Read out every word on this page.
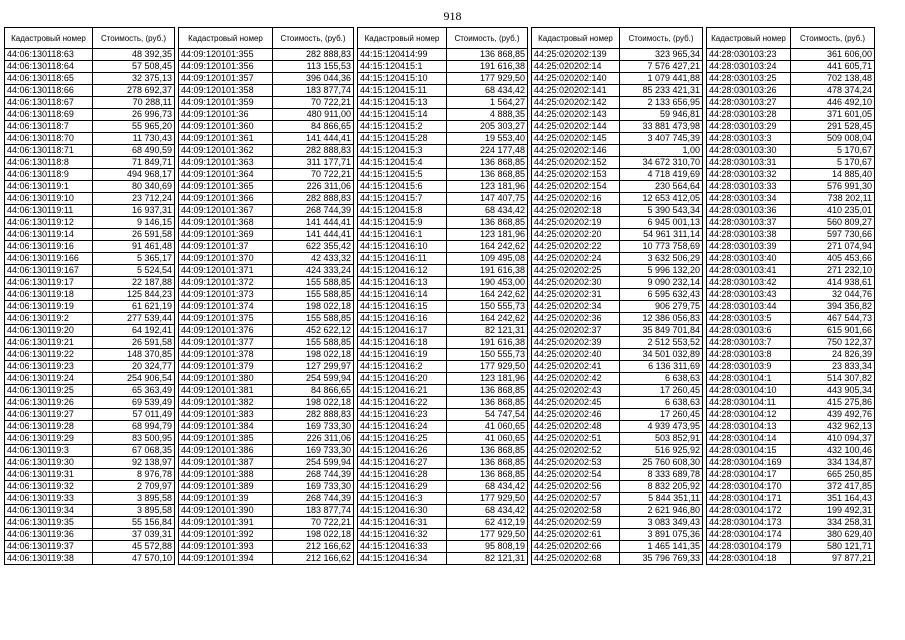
918
Кадастровый номер	Стоимость, (руб.)
44:06:130118:63	48 392,35
44:06:130118:64	57 508,45
44:06:130118:65	32 375,13
44:06:130118:66	278 692,37
44:06:130118:67	70 288,11
44:06:130118:69	26 996,73
44:06:130118:7	55 965,20
44:06:130118:70	11 730,43
44:06:130118:71	68 490,59
44:06:130118:8	71 849,71
44:06:130118:9	494 968,17
44:06:130119:1	80 340,69
44:06:130119:10	23 712,24
44:06:130119:11	16 937,31
44:06:130119:12	9 146,15
44:06:130119:14	26 591,58
44:06:130119:16	91 461,48
44:06:130119:166	5 365,17
44:06:130119:167	5 524,54
44:06:130119:17	22 187,88
44:06:130119:18	125 844,23
44:06:130119:19	61 621,19
44:06:130119:2	277 539,44
44:06:130119:20	64 192,41
44:06:130119:21	26 591,58
44:06:130119:22	148 370,85
44:06:130119:23	20 324,77
44:06:130119:24	254 906,54
44:06:130119:25	65 363,49
44:06:130119:26	69 539,49
44:06:130119:27	57 011,49
44:06:130119:28	68 994,79
44:06:130119:29	83 500,95
44:06:130119:3	67 068,35
44:06:130119:30	92 138,97
44:06:130119:31	8 976,78
44:06:130119:32	2 709,97
44:06:130119:33	3 895,58
44:06:130119:34	3 895,58
44:06:130119:35	55 156,84
44:06:130119:36	37 039,31
44:06:130119:37	45 572,88
44:06:130119:38	47 570,10
Кадастровый номер	Стоимость, (руб.)
44:09:120101:355	282 888,83
44:09:120101:356	113 155,53
44:09:120101:357	396 044,36
44:09:120101:358	183 877,74
44:09:120101:359	70 722,21
44:09:120101:36	480 911,00
44:09:120101:360	84 866,65
44:09:120101:361	141 444,41
44:09:120101:362	282 888,83
44:09:120101:363	311 177,71
44:09:120101:364	70 722,21
44:09:120101:365	226 311,06
44:09:120101:366	282 888,83
44:09:120101:367	268 744,39
44:09:120101:368	141 444,41
44:09:120101:369	141 444,41
44:09:120101:37	622 355,42
44:09:120101:370	42 433,32
44:09:120101:371	424 333,24
44:09:120101:372	155 588,85
44:09:120101:373	155 588,85
44:09:120101:374	198 022,18
44:09:120101:375	155 588,85
44:09:120101:376	452 622,12
44:09:120101:377	155 588,85
44:09:120101:378	198 022,18
44:09:120101:379	127 299,97
44:09:120101:380	254 599,94
44:09:120101:381	84 866,65
44:09:120101:382	198 022,18
44:09:120101:383	282 888,83
44:09:120101:384	169 733,30
44:09:120101:385	226 311,06
44:09:120101:386	169 733,30
44:09:120101:387	254 599,94
44:09:120101:388	268 744,39
44:09:120101:389	169 733,30
44:09:120101:39	268 744,39
44:09:120101:390	183 877,74
44:09:120101:391	70 722,21
44:09:120101:392	198 022,18
44:09:120101:393	212 166,62
44:09:120101:394	212 166,62
Кадастровый номер	Стоимость, (руб.)
44:15:120414:99	136 868,85
44:15:120415:1	191 616,38
44:15:120415:10	177 929,50
44:15:120415:11	68 434,42
44:15:120415:13	1 564,27
44:15:120415:14	4 888,35
44:15:120415:2	205 303,27
44:15:120415:28	19 553,40
44:15:120415:3	224 177,48
44:15:120415:4	136 868,85
44:15:120415:5	136 868,85
44:15:120415:6	123 181,96
44:15:120415:7	147 407,75
44:15:120415:8	68 434,42
44:15:120415:9	136 868,85
44:15:120416:1	123 181,96
44:15:120416:10	164 242,62
44:15:120416:11	109 495,08
44:15:120416:12	191 616,38
44:15:120416:13	190 453,00
44:15:120416:14	164 242,62
44:15:120416:15	150 555,73
44:15:120416:16	164 242,62
44:15:120416:17	82 121,31
44:15:120416:18	191 616,38
44:15:120416:19	150 555,73
44:15:120416:2	177 929,50
44:15:120416:20	123 181,96
44:15:120416:21	136 868,85
44:15:120416:22	136 868,85
44:15:120416:23	54 747,54
44:15:120416:24	41 060,65
44:15:120416:25	41 060,65
44:15:120416:26	136 868,85
44:15:120416:27	136 868,85
44:15:120416:28	136 868,85
44:15:120416:29	68 434,42
44:15:120416:3	177 929,50
44:15:120416:30	68 434,42
44:15:120416:31	62 412,19
44:15:120416:32	177 929,50
44:15:120416:33	95 808,19
44:15:120416:34	82 121,31
Кадастровый номер	Стоимость, (руб.)
44:25:020202:139	323 965,34
44:25:020202:14	7 576 427,21
44:25:020202:140	1 079 441,88
44:25:020202:141	85 233 421,31
44:25:020202:142	2 133 656,95
44:25:020202:143	59 946,81
44:25:020202:144	33 881 473,98
44:25:020202:145	3 407 745,39
44:25:020202:146	1,00
44:25:020202:152	34 672 310,70
44:25:020202:153	4 718 419,69
44:25:020202:154	230 564,64
44:25:020202:16	12 653 412,05
44:25:020202:18	5 390 543,34
44:25:020202:19	6 945 001,13
44:25:020202:20	54 961 311,14
44:25:020202:22	10 773 758,69
44:25:020202:24	3 632 506,29
44:25:020202:25	5 996 132,20
44:25:020202:30	9 090 232,14
44:25:020202:31	6 595 632,43
44:25:020202:34	906 279,75
44:25:020202:36	12 386 056,83
44:25:020202:37	35 849 701,84
44:25:020202:39	2 512 553,52
44:25:020202:40	34 501 032,89
44:25:020202:41	6 136 311,69
44:25:020202:42	6 638,63
44:25:020202:43	17 260,45
44:25:020202:45	6 638,63
44:25:020202:46	17 260,45
44:25:020202:48	4 939 473,95
44:25:020202:51	503 852,91
44:25:020202:52	516 925,92
44:25:020202:53	25 760 608,30
44:25:020202:54	8 333 689,78
44:25:020202:56	8 832 205,92
44:25:020202:57	5 844 351,11
44:25:020202:58	2 621 946,80
44:25:020202:59	3 083 349,43
44:25:020202:61	3 891 075,36
44:25:020202:66	1 465 141,35
44:25:020202:68	35 796 769,33
Кадастровый номер	Стоимость, (руб.)
44:28:030103:23	361 606,00
44:28:030103:24	441 605,71
44:28:030103:25	702 138,48
44:28:030103:26	478 374,24
44:28:030103:27	446 492,10
44:28:030103:28	371 601,05
44:28:030103:29	291 528,45
44:28:030103:3	509 008,04
44:28:030103:30	5 170,67
44:28:030103:31	5 170,67
44:28:030103:32	14 885,40
44:28:030103:33	576 991,30
44:28:030103:34	738 202,11
44:28:030103:36	410 235,01
44:28:030103:37	560 809,27
44:28:030103:38	597 730,66
44:28:030103:39	271 074,94
44:28:030103:40	405 453,66
44:28:030103:41	271 232,10
44:28:030103:42	414 938,61
44:28:030103:43	32 044,76
44:28:030103:44	394 356,82
44:28:030103:5	467 544,73
44:28:030103:6	615 901,66
44:28:030103:7	750 122,37
44:28:030103:8	24 826,39
44:28:030103:9	23 833,34
44:28:030104:1	514 307,82
44:28:030104:10	443 905,34
44:28:030104:11	415 275,86
44:28:030104:12	439 492,76
44:28:030104:13	432 962,13
44:28:030104:14	410 094,37
44:28:030104:15	432 100,46
44:28:030104:169	334 134,87
44:28:030104:17	665 250,85
44:28:030104:170	372 417,85
44:28:030104:171	351 164,43
44:28:030104:172	199 492,31
44:28:030104:173	334 258,31
44:28:030104:174	380 629,40
44:28:030104:179	580 121,71
44:28:030104:18	97 877,21
